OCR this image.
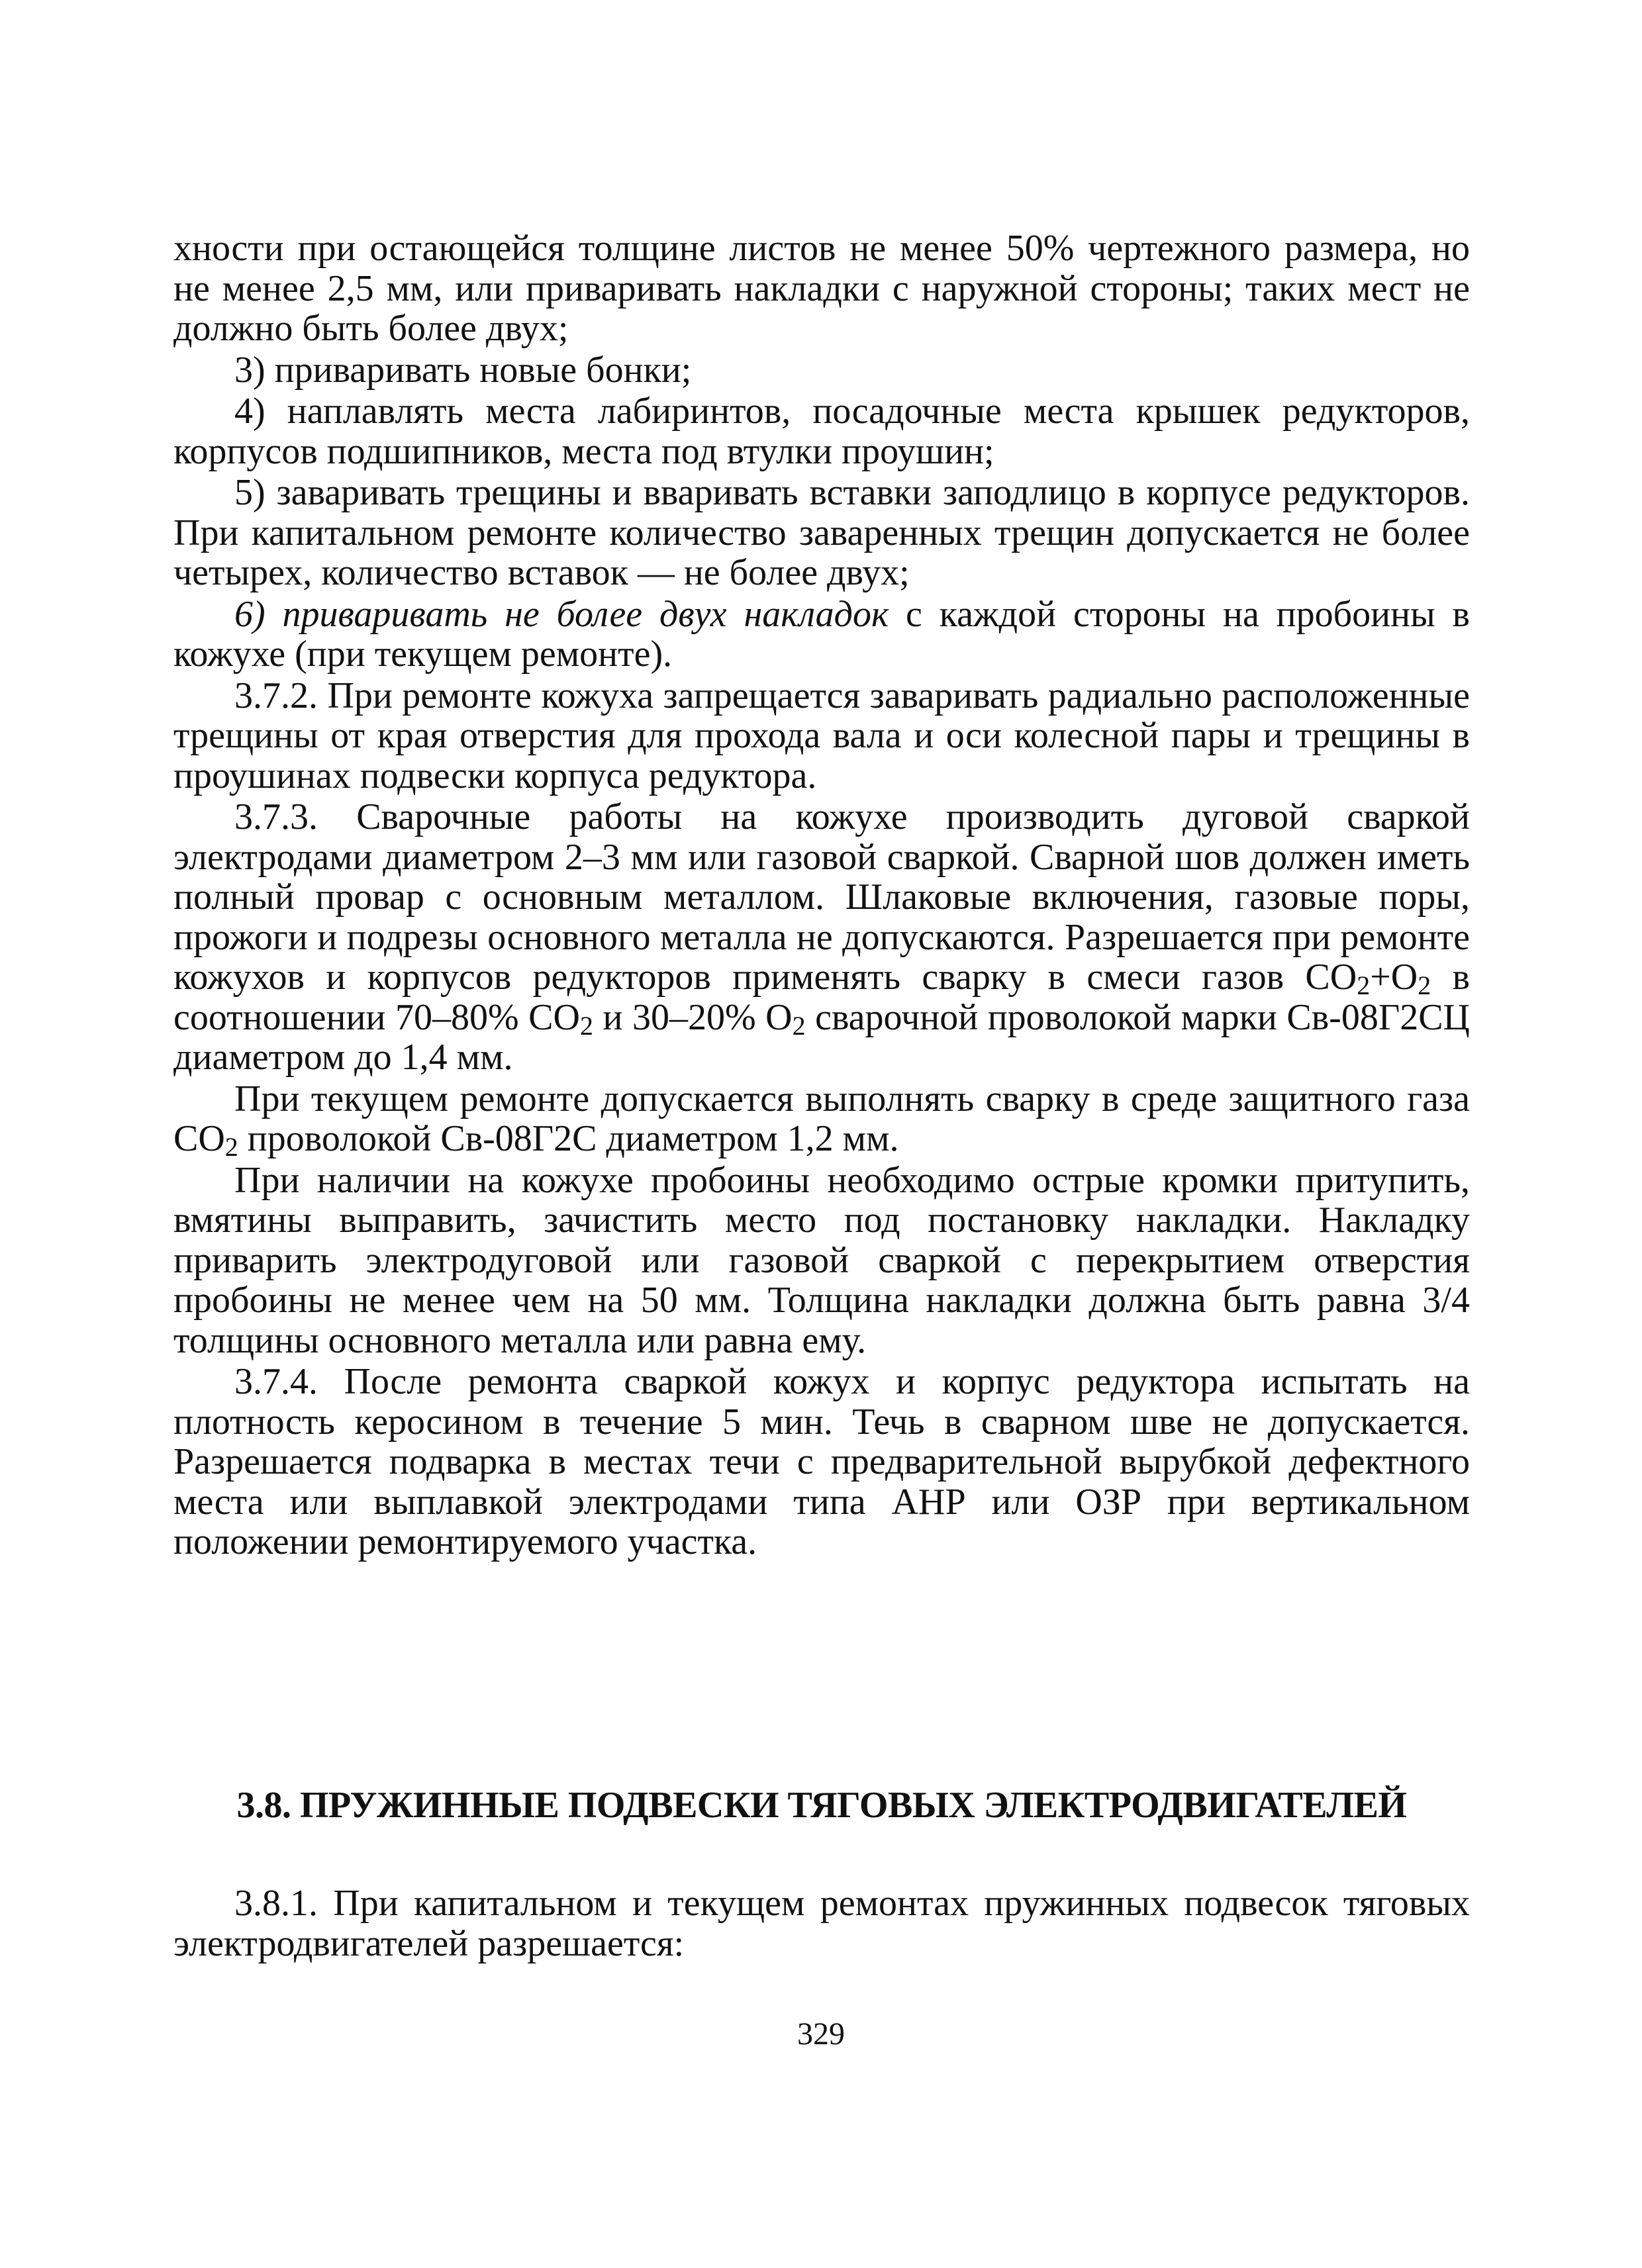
хности при остающейся толщине листов не менее 50% чертежного размера, но не менее 2,5 мм, или приваривать накладки с наружной стороны; таких мест не должно быть более двух;

3) приваривать новые бонки;

4) наплавлять места лабиринтов, посадочные места крышек редукторов, корпусов подшипников, места под втулки проушин;

5) заваривать трещины и вваривать вставки заподлицо в корпусе редукторов. При капитальном ремонте количество заваренных трещин допускается не более четырех, количество вставок — не более двух;

6) приваривать не более двух накладок с каждой стороны на пробоины в кожухе (при текущем ремонте).

3.7.2. При ремонте кожуха запрещается заваривать радиально расположенные трещины от края отверстия для прохода вала и оси колесной пары и трещины в проушинах подвески корпуса редуктора.

3.7.3. Сварочные работы на кожухе производить дуговой сваркой электродами диаметром 2–3 мм или газовой сваркой. Сварной шов должен иметь полный провар с основным металлом. Шлаковые включения, газовые поры, прожоги и подрезы основного металла не допускаются. Разрешается при ремонте кожухов и корпусов редукторов применять сварку в смеси газов $CO_2+O_2$ в соотношении 70–80% $CO_2$ и 30–20% $O_2$ сварочной проволокой марки Св-08Г2СЦ диаметром до 1,4 мм.

При текущем ремонте допускается выполнять сварку в среде защитного газа $CO_2$ проволокой Св-08Г2С диаметром 1,2 мм.

При наличии на кожухе пробоины необходимо острые кромки притупить, вмятины выправить, зачистить место под постановку накладки. Накладку приварить электродуговой или газовой сваркой с перекрытием отверстия пробоины не менее чем на 50 мм. Толщина накладки должна быть равна 3/4 толщины основного металла или равна ему.

3.7.4. После ремонта сваркой кожух и корпус редуктора испытать на плотность керосином в течение 5 мин. Течь в сварном шве не допускается. Разрешается подварка в местах течи с предварительной вырубкой дефектного места или выплавкой электродами типа АНР или ОЗР при вертикальном положении ремонтируемого участка.

3.8. ПРУЖИННЫЕ ПОДВЕСКИ ТЯГОВЫХ ЭЛЕКТРОДВИГАТЕЛЕЙ

3.8.1. При капитальном и текущем ремонтах пружинных подвесок тяговых электродвигателей разрешается:

329
